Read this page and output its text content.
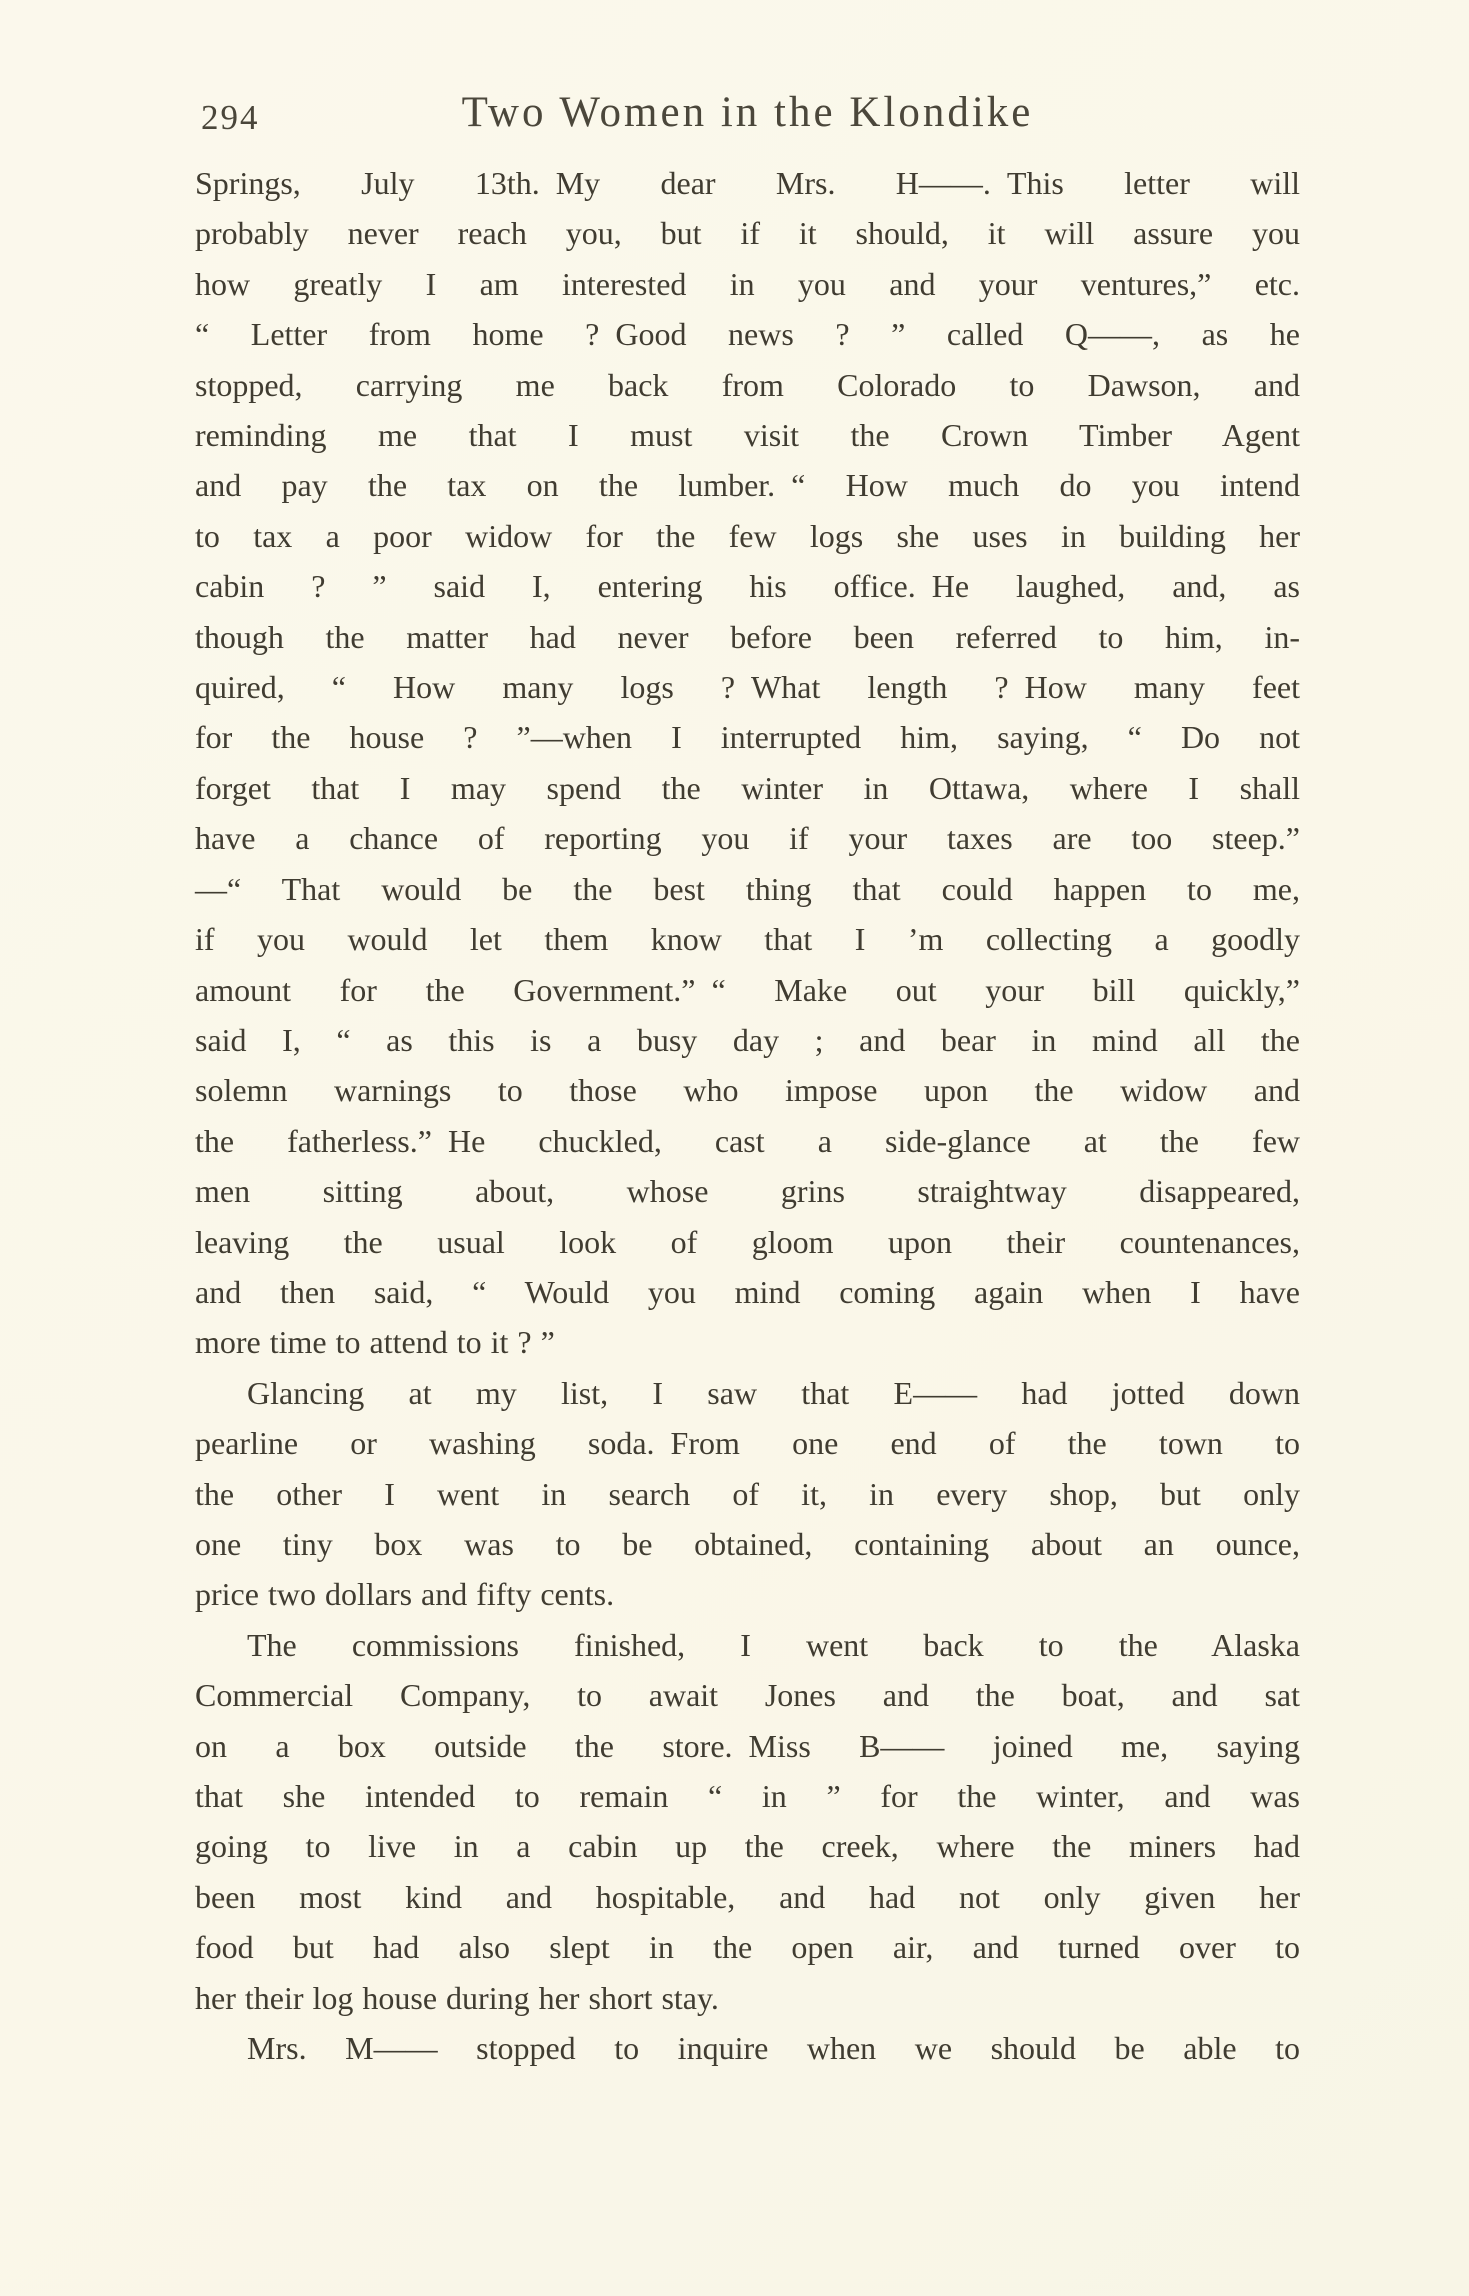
294	Two Women in the Klondike
Springs, July 13th. My dear Mrs. H——. This letter will
probably never reach you, but if it should, it will assure you
how greatly I am interested in you and your ventures,” etc.
“ Letter from home ? Good news ? ” called Q——, as he
stopped, carrying me back from Colorado to Dawson, and
reminding me that I must visit the Crown Timber Agent
and pay the tax on the lumber. “ How much do you intend
to tax a poor widow for the few logs she uses in building her
cabin ? ” said I, entering his office. He laughed, and, as
though the matter had never before been referred to him, in-
quired, “ How many logs ? What length ? How many feet
for the house ? ”—when I interrupted him, saying, “ Do not
forget that I may spend the winter in Ottawa, where I shall
have a chance of reporting you if your taxes are too steep.”
—“ That would be the best thing that could happen to me,
if you would let them know that I ’m collecting a goodly
amount for the Government.” “ Make out your bill quickly,”
said I, “ as this is a busy day ; and bear in mind all the
solemn warnings to those who impose upon the widow and
the fatherless.” He chuckled, cast a side-glance at the few
men sitting about, whose grins straightway disappeared,
leaving the usual look of gloom upon their countenances,
and then said, “ Would you mind coming again when I have
more time to attend to it ? ”
Glancing at my list, I saw that E—— had jotted down
pearline or washing soda. From one end of the town to
the other I went in search of it, in every shop, but only
one tiny box was to be obtained, containing about an ounce,
price two dollars and fifty cents.
The commissions finished, I went back to the Alaska
Commercial Company, to await Jones and the boat, and sat
on a box outside the store. Miss B—— joined me, saying
that she intended to remain “ in ” for the winter, and was
going to live in a cabin up the creek, where the miners had
been most kind and hospitable, and had not only given her
food but had also slept in the open air, and turned over to
her their log house during her short stay.
Mrs. M—— stopped to inquire when we should be able to
